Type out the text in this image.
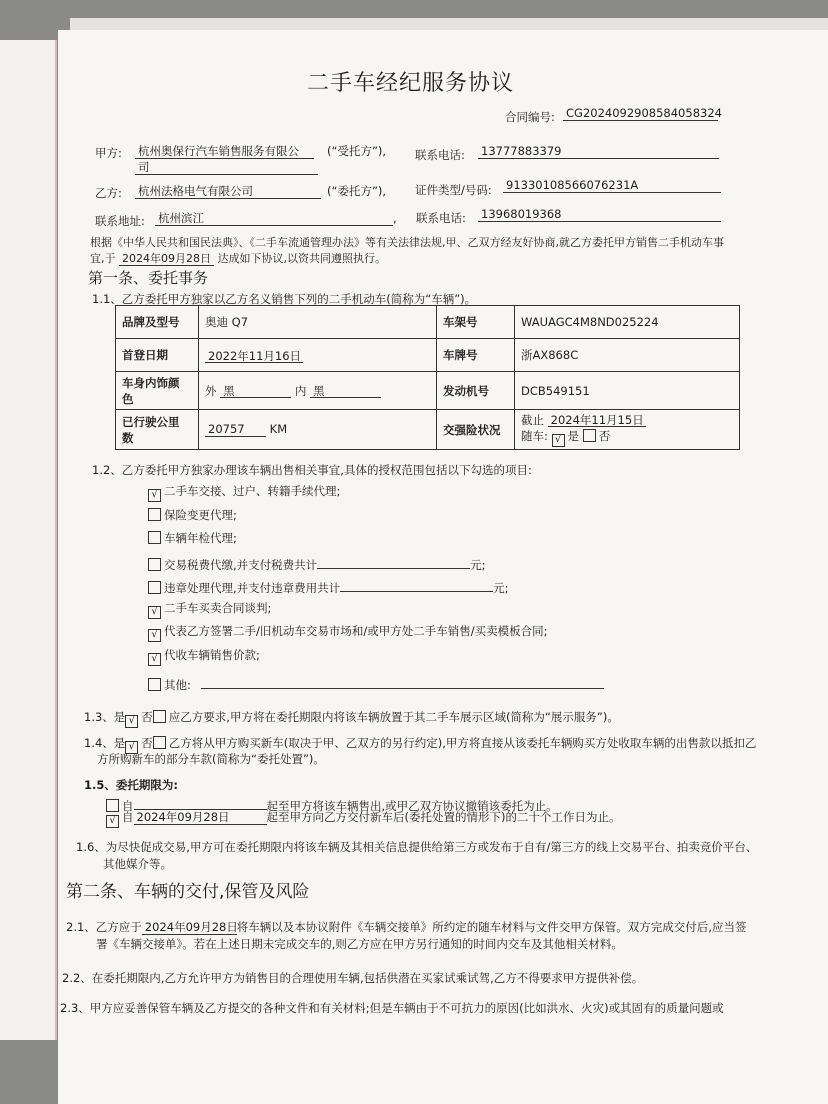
二手车经纪服务协议
合同编号: CG2024092908584058324
甲方: 杭州奥保行汽车销售服务有限公
司
(“受托方”),	联系电话: 13777883379
乙方: 杭州法格电气有限公司	(“委托方”),	证件类型/号码: 91330108566076231A
联系地址: 杭州滨江	, 联系电话: 13968019368
根据《中华人民共和国民法典》、《二手车流通管理办法》等有关法律法规,甲、乙双方经友好协商,就乙方委托甲方销售二手机动车事
宜,于 2024年09月28日 达成如下协议,以资共同遵照执行。
第一条、委托事务
1.1、乙方委托甲方独家以乙方名义销售下列的二手机动车(简称为“车辆”)。
品牌及型号	奥迪 Q7	车架号	WAUAGC4M8ND025224
首登日期	2022年11月16日	车牌号	浙AX868C
车身内饰颜
色	外 黑 内 黑	发动机号	DCB549151
已行驶公里
数	20757 KM	交强险状况	截止 2024年11月15日
随车: √ 是 否
1.2、乙方委托甲方独家办理该车辆出售相关事宜,具体的授权范围包括以下勾选的项目:
√ 二手车交接、过户、转籍手续代理;
保险变更代理;
车辆年检代理;
交易税费代缴,并支付税费共计	元;
违章处理代理,并支付违章费用共计	元;
√ 二手车买卖合同谈判;
√ 代表乙方签署二手/旧机动车交易市场和/或甲方处二手车销售/买卖模板合同;
√ 代收车辆销售价款;
其他:
1.3、是 √ 否 应乙方要求,甲方将在委托期限内将该车辆放置于其二手车展示区域(简称为“展示服务”)。
1.4、是 √ 否 乙方将从甲方购买新车(取决于甲、乙双方的另行约定),甲方将直接从该委托车辆购买方处收取车辆的出售款以抵扣乙
方所购新车的部分车款(简称为“委托处置”)。
1.5、委托期限为:
自	起至甲方将该车辆售出,或甲乙双方协议撤销该委托为止。
√ 自 2024年09月28日	起至甲方向乙方交付新车后(委托处置的情形下)的二十个工作日为止。
1.6、为尽快促成交易,甲方可在委托期限内将该车辆及其相关信息提供给第三方或发布于自有/第三方的线上交易平台、拍卖竞价平台、
其他媒介等。
第二条、车辆的交付,保管及风险
2.1、乙方应于 2024年09月28日将车辆以及本协议附件《车辆交接单》所约定的随车材料与文件交甲方保管。双方完成交付后,应当签
署《车辆交接单》。若在上述日期未完成交车的,则乙方应在甲方另行通知的时间内交车及其他相关材料。
2.2、在委托期限内,乙方允许甲方为销售目的合理使用车辆,包括供潜在买家试乘试驾,乙方不得要求甲方提供补偿。
2.3、甲方应妥善保管车辆及乙方提交的各种文件和有关材料;但是车辆由于不可抗力的原因(比如洪水、火灾)或其固有的质量问题或
